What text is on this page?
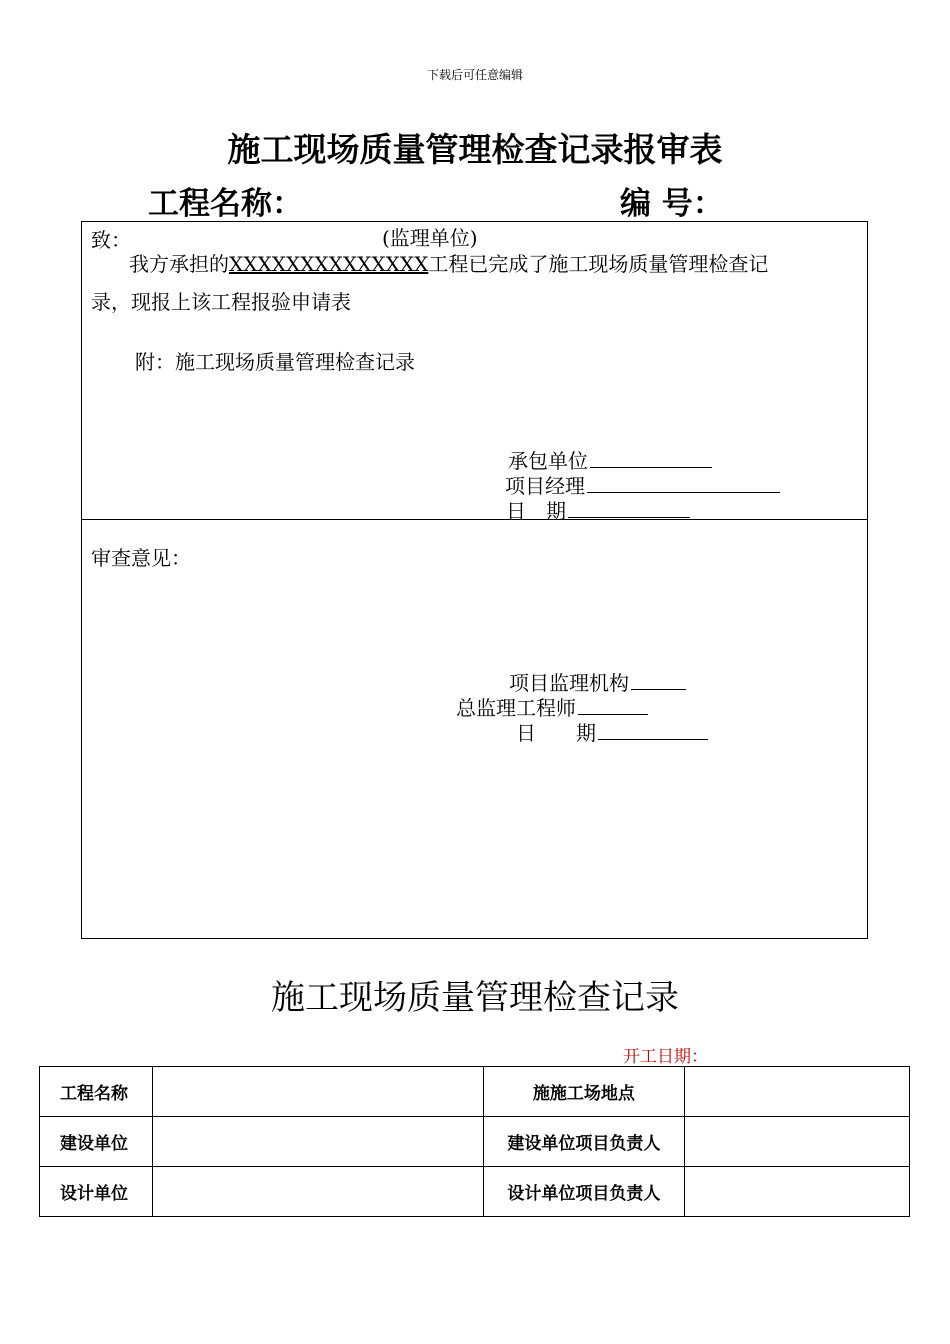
下载后可任意编辑
施工现场质量管理检查记录报审表
工程名称：	编 号：
致：	(监理单位)
我方承担的XXXXXXXXXXXXXX工程已完成了施工现场质量管理检查记
录，现报上该工程报验申请表
附：施工现场质量管理检查记录
承包单位
项目经理
日　期
审查意见：
项目监理机构
总监理工程师
日　　期
施工现场质量管理检查记录
开工日期：
工程名称		施施工场地点	
建设单位		建设单位项目负责人	
设计单位		设计单位项目负责人	
